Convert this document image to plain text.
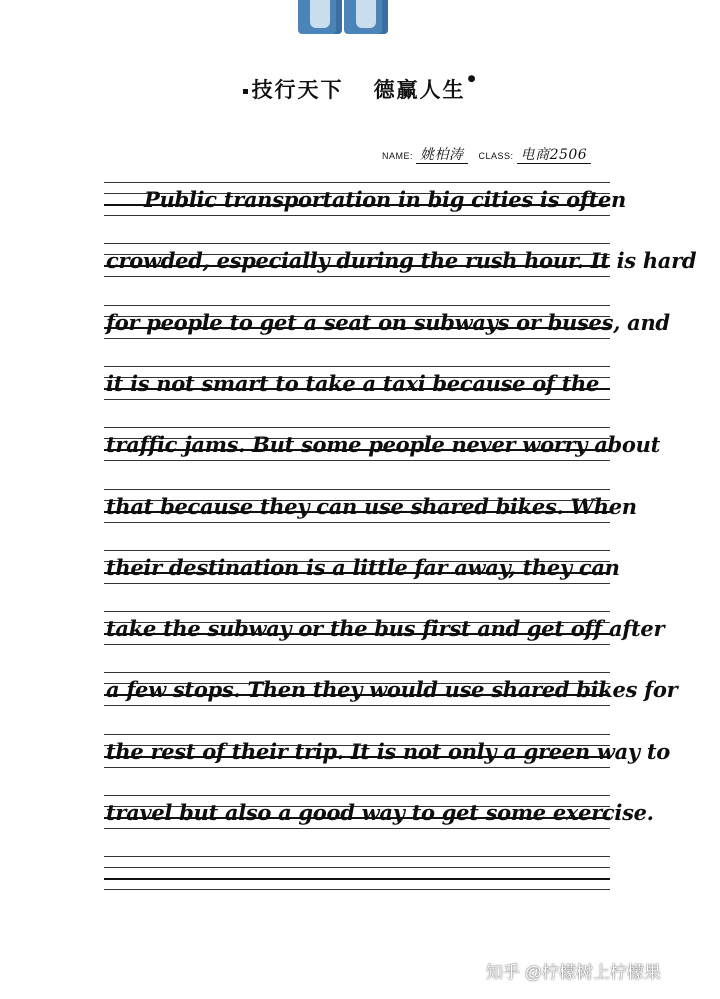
技行天下 德赢人生 ●
NAME: 姚柏涛 CLASS: 电商2506
Public transportation in big cities is often
crowded, especially during the rush hour. It is hard
for people to get a seat on subways or buses, and
it is not smart to take a taxi because of the
traffic jams. But some people never worry about
that because they can use shared bikes. When
their destination is a little far away, they can
take the subway or the bus first and get off after
a few stops. Then they would use shared bikes for
the rest of their trip. It is not only a green way to
travel but also a good way to get some exercise.
知乎 @柠檬树上柠檬果
